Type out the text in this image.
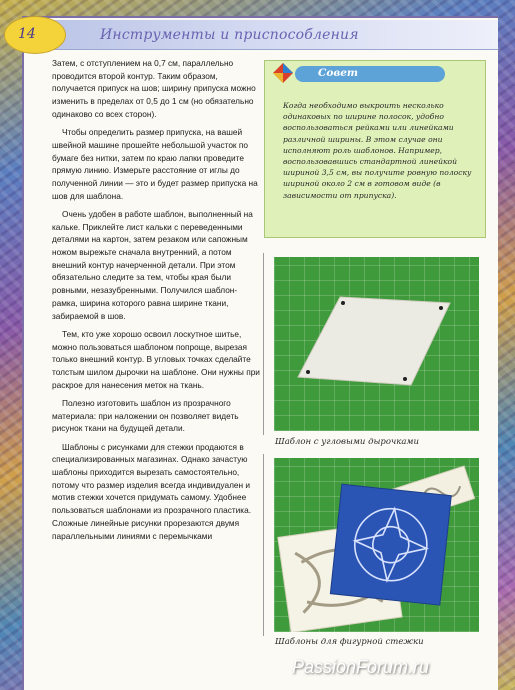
14	Инструменты и приспособления

Затем, с отступлением на 0,7 см, параллельно проводится второй контур. Таким образом, получается припуск на шов; ширину припуска можно изменить в пределах от 0,5 до 1 см (но обязательно одинаково со всех сторон).

Чтобы определить размер припуска, на вашей швейной машине прошейте небольшой участок по бумаге без нитки, затем по краю лапки проведите прямую линию. Измерьте расстояние от иглы до полученной линии — это и будет размер припуска на шов для шаблона.

Очень удобен в работе шаблон, выполненный на кальке. Приклейте лист кальки с переведенными деталями на картон, затем резаком или сапожным ножом вырежьте сначала внутренний, а потом внешний контур начерченной детали. При этом обязательно следите за тем, чтобы края были ровными, незазубренными. Получился шаблон-рамка, ширина которого равна ширине ткани, забираемой в шов.

Тем, кто уже хорошо освоил лоскутное шитье, можно пользоваться шаблоном попроще, вырезая только внешний контур. В угловых точках сделайте толстым шилом дырочки на шаблоне. Они нужны при раскрое для нанесения меток на ткань.

Полезно изготовить шаблон из прозрачного материала: при наложении он позволяет видеть рисунок ткани на будущей детали.

Шаблоны с рисунками для стежки продаются в специализированных магазинах. Однако зачастую шаблоны приходится вырезать самостоятельно, потому что размер изделия всегда индивидуален и мотив стежки хочется придумать самому. Удобнее пользоваться шаблонами из прозрачного пластика. Сложные линейные рисунки прорезаются двумя параллельными линиями с перемычками

Совет
Когда необходимо выкроить несколько одинаковых по ширине полосок, удобно воспользоваться рейками или линейками различной ширины. В этом случае они исполняют роль шаблонов. Например, воспользовавшись стандартной линейкой шириной 3,5 см, вы получите ровную полоску шириной около 2 см в готовом виде (в зависимости от припуска).
Шаблон с угловыми дырочками
Шаблоны для фигурной стежки
PassionForum.ru
